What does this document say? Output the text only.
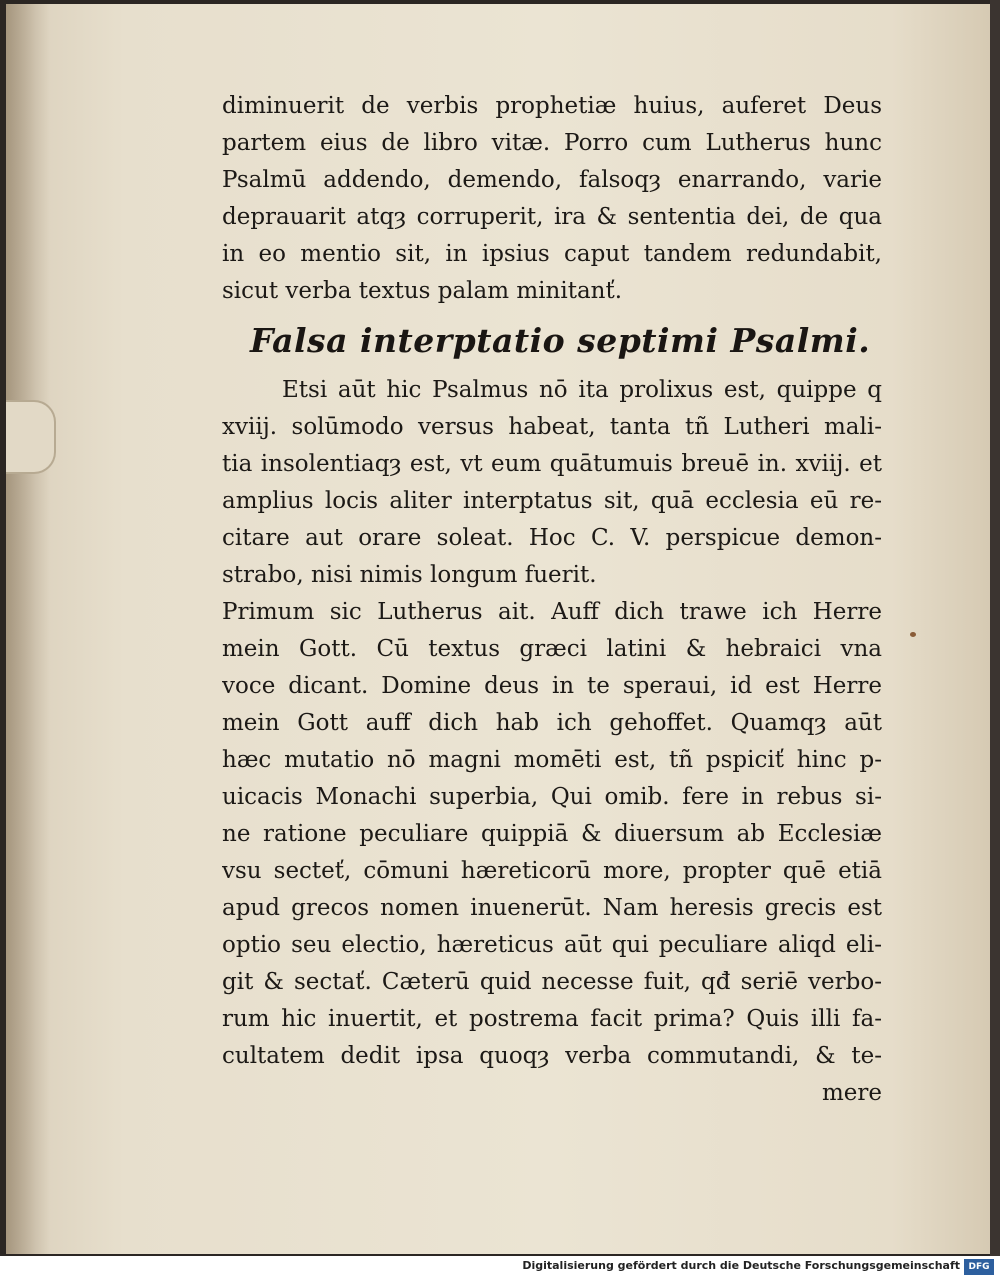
diminuerit de verbis prophetiæ huius, auferet Deus
partem eius de libro vitæ. Porro cum Lutherus hunc
Psalmū addendo, demendo, falsoqȝ enarrando, varie
deprauarit atqȝ corruperit, ira & sententia dei, de qua
in eo mentio sit, in ipsius caput tandem redundabit,
sicut verba textus palam minitanť.
Falsa interptatio septimi Psalmi.
Etsi aūt hic Psalmus nō ita prolixus est, quippe q
xviij. solūmodo versus habeat, tanta tñ Lutheri mali-
tia insolentiaqȝ est, vt eum quātumuis breuē in. xviij. et
amplius locis aliter interptatus sit, quā ecclesia eū re-
citare aut orare soleat. Hoc C. V. perspicue demon-
strabo, nisi nimis longum fuerit.
Primum sic Lutherus ait. Auff dich trawe ich Herre
mein Gott. Cū textus græci latini & hebraici vna
voce dicant. Domine deus in te speraui, id est Herre
mein Gott auff dich hab ich gehoffet. Quamqȝ aūt
hæc mutatio nō magni momēti est, tñ pspiciť hinc p-
uicacis Monachi superbia, Qui omib. fere in rebus si-
ne ratione peculiare quippiā & diuersum ab Ecclesiæ
vsu secteť, cōmuni hæreticorū more, propter quē etiā
apud grecos nomen inuenerūt. Nam heresis grecis est
optio seu electio, hæreticus aūt qui peculiare aliqd eli-
git & sectať. Cæterū quid necesse fuit, qđ seriē verbo-
rum hic inuertit, et postrema facit prima? Quis illi fa-
cultatem dedit ipsa quoqȝ verba commutandi, & te-
mere
Digitalisierung gefördert durch die Deutsche Forschungsgemeinschaft DFG
